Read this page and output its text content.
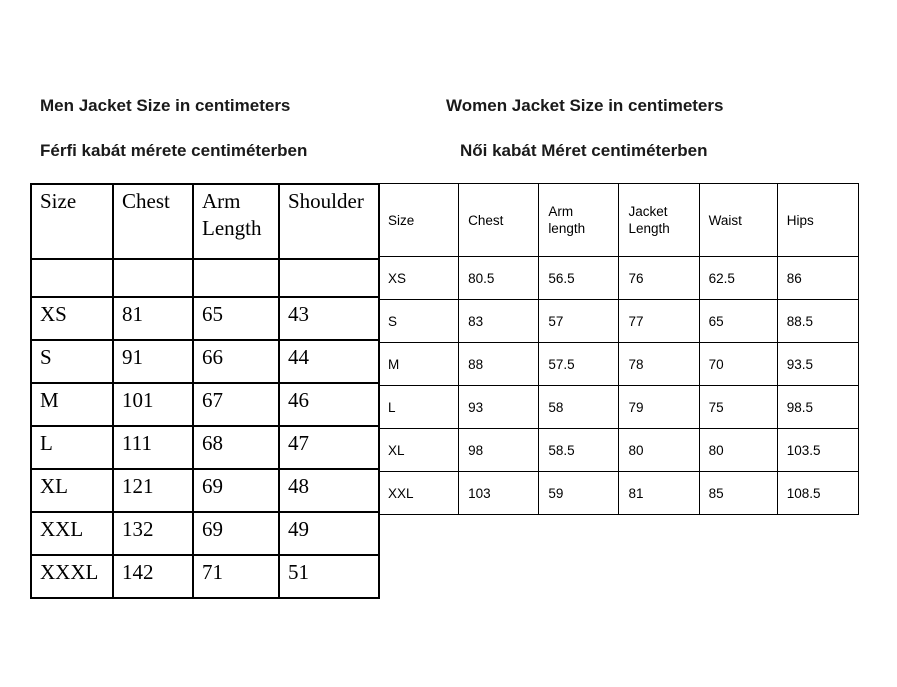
Men Jacket Size in centimeters	Women Jacket Size in centimeters
Férfi kabát mérete centiméterben	Női kabát Méret centiméterben
Size	Chest	Arm Length	Shoulder

XS	81	65	43
S	91	66	44
M	101	67	46
L	111	68	47
XL	121	69	48
XXL	132	69	49
XXXL	142	71	51
Size	Chest	Arm length	Jacket Length	Waist	Hips
XS	80.5	56.5	76	62.5	86
S	83	57	77	65	88.5
M	88	57.5	78	70	93.5
L	93	58	79	75	98.5
XL	98	58.5	80	80	103.5
XXL	103	59	81	85	108.5
